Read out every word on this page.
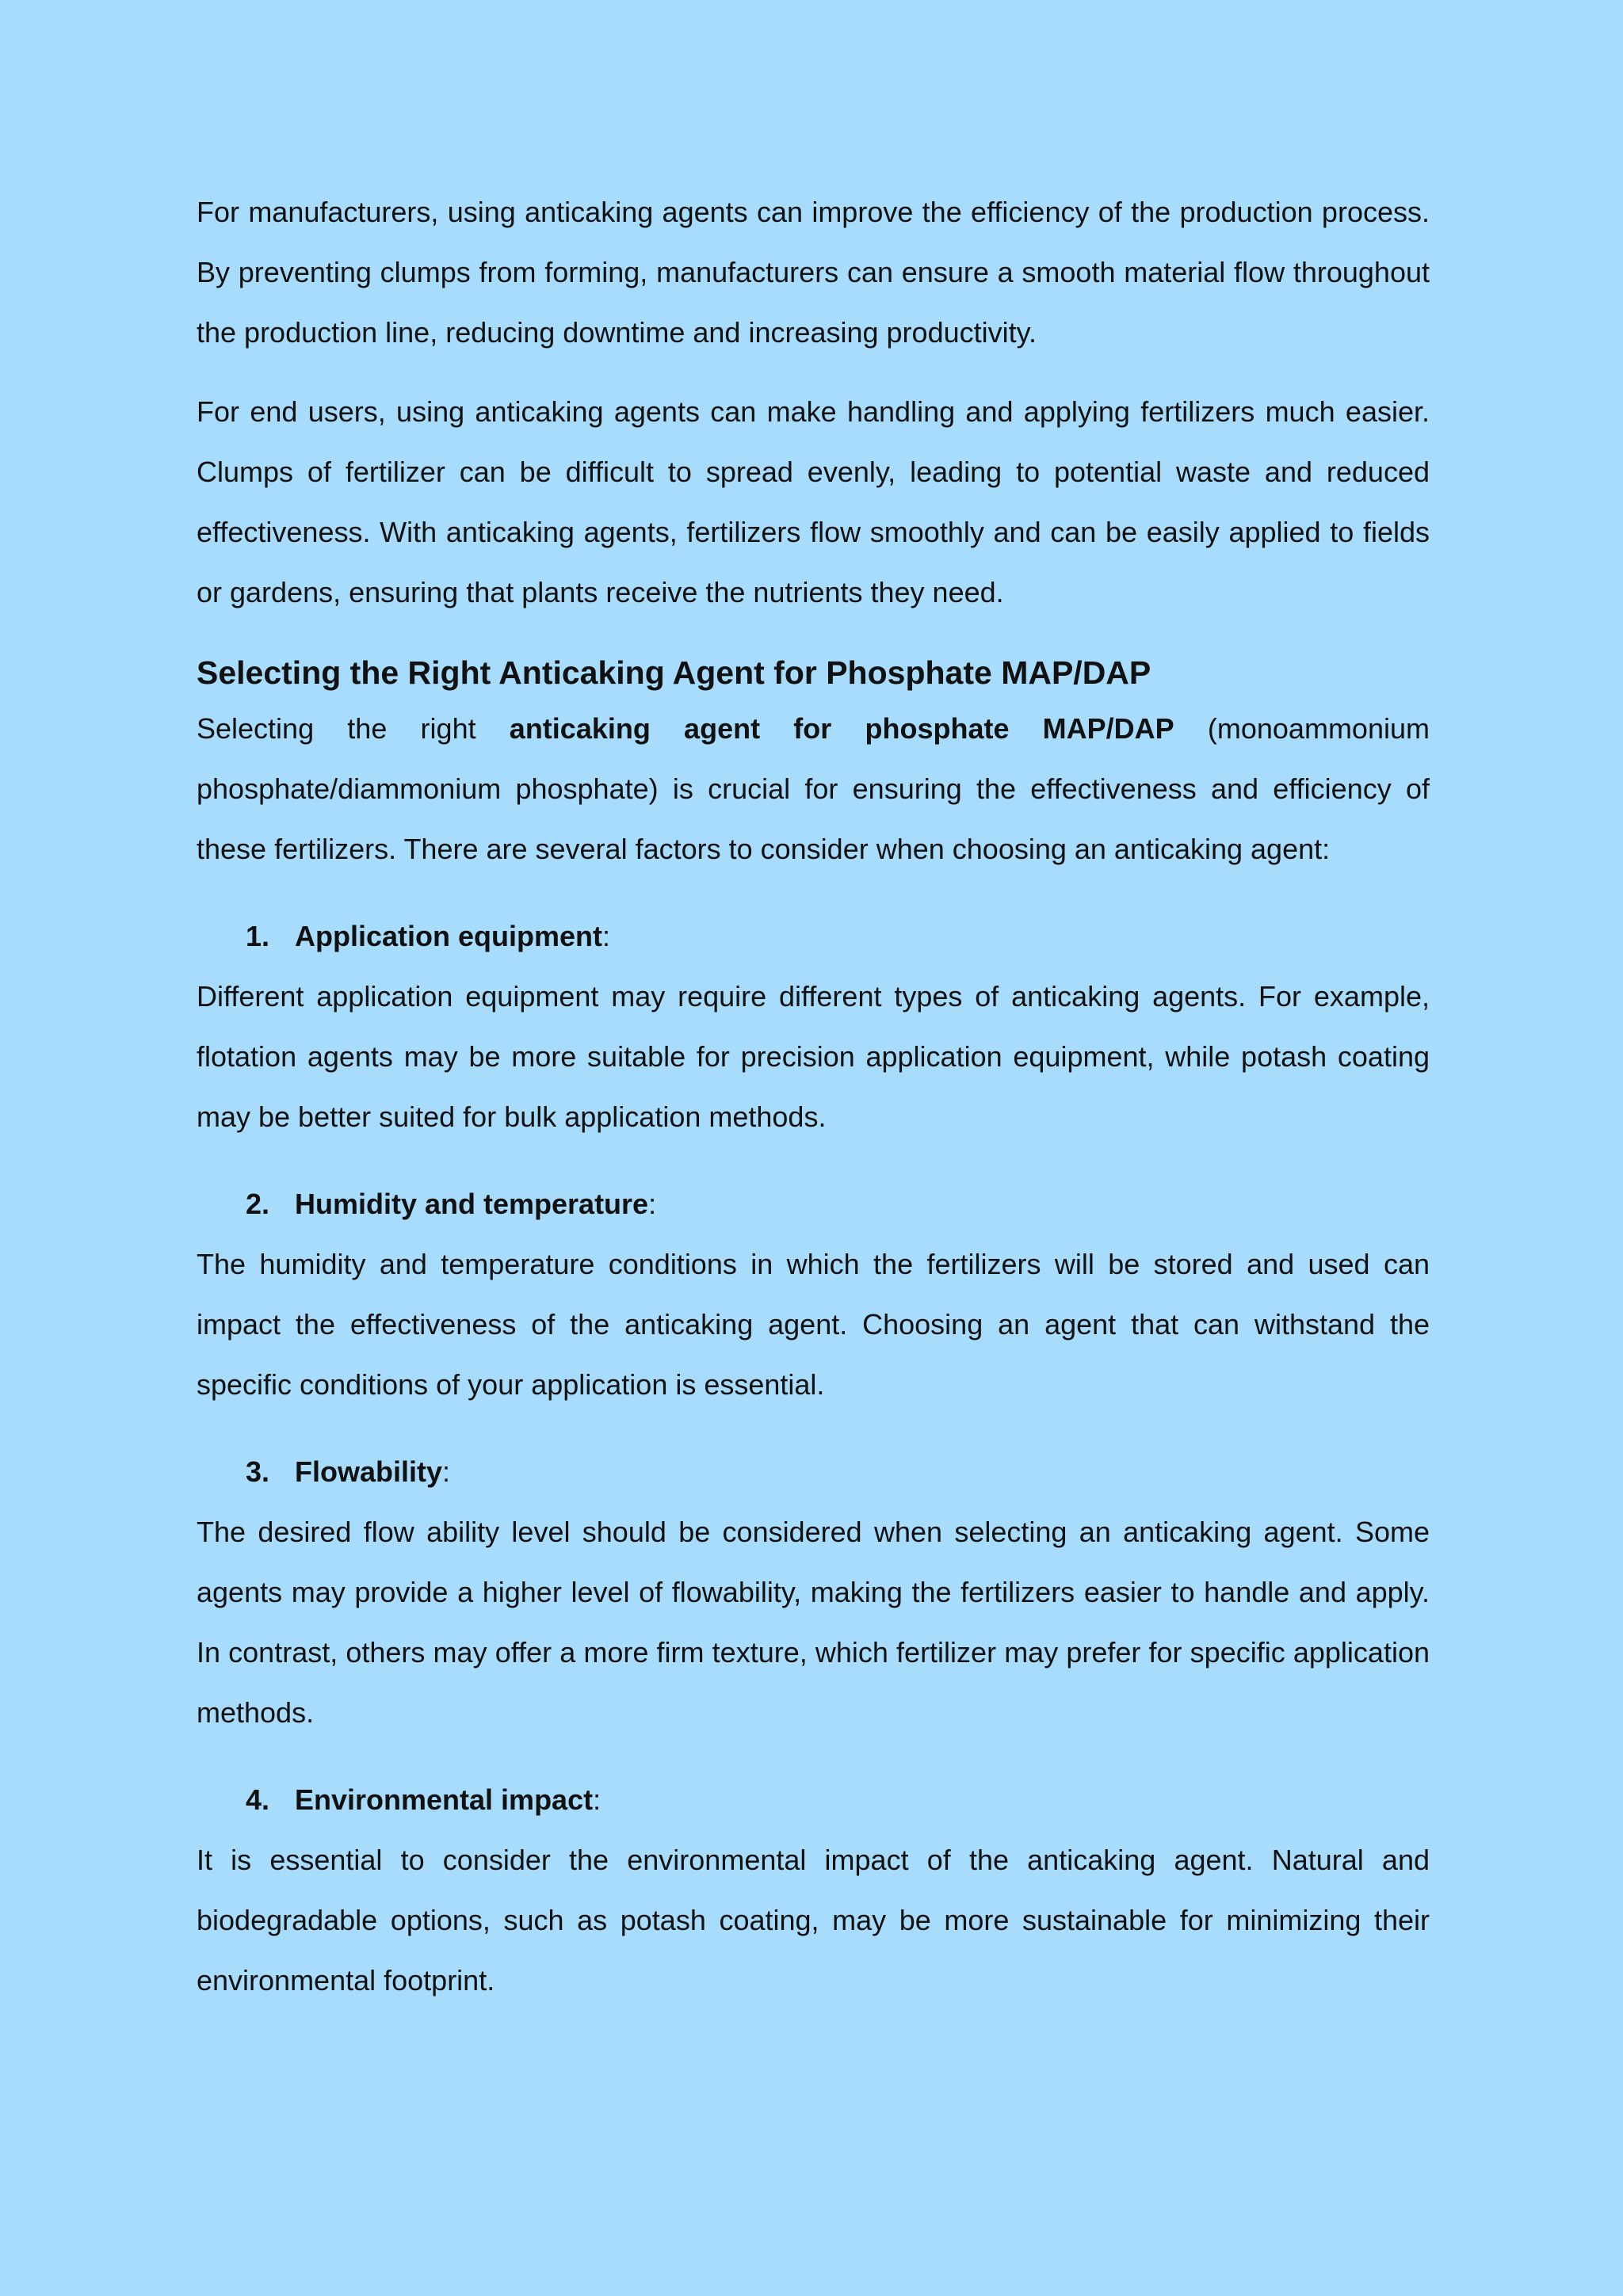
For manufacturers, using anticaking agents can improve the efficiency of the production process. By preventing clumps from forming, manufacturers can ensure a smooth material flow throughout the production line, reducing downtime and increasing productivity.

For end users, using anticaking agents can make handling and applying fertilizers much easier. Clumps of fertilizer can be difficult to spread evenly, leading to potential waste and reduced effectiveness. With anticaking agents, fertilizers flow smoothly and can be easily applied to fields or gardens, ensuring that plants receive the nutrients they need.

Selecting the Right Anticaking Agent for Phosphate MAP/DAP

Selecting the right anticaking agent for phosphate MAP/DAP (monoammonium phosphate/diammonium phosphate) is crucial for ensuring the effectiveness and efficiency of these fertilizers. There are several factors to consider when choosing an anticaking agent:

1. Application equipment:

Different application equipment may require different types of anticaking agents. For example, flotation agents may be more suitable for precision application equipment, while potash coating may be better suited for bulk application methods.

2. Humidity and temperature:

The humidity and temperature conditions in which the fertilizers will be stored and used can impact the effectiveness of the anticaking agent. Choosing an agent that can withstand the specific conditions of your application is essential.

3. Flowability:

The desired flow ability level should be considered when selecting an anticaking agent. Some agents may provide a higher level of flowability, making the fertilizers easier to handle and apply. In contrast, others may offer a more firm texture, which fertilizer may prefer for specific application methods.

4. Environmental impact:

It is essential to consider the environmental impact of the anticaking agent. Natural and biodegradable options, such as potash coating, may be more sustainable for minimizing their environmental footprint.
